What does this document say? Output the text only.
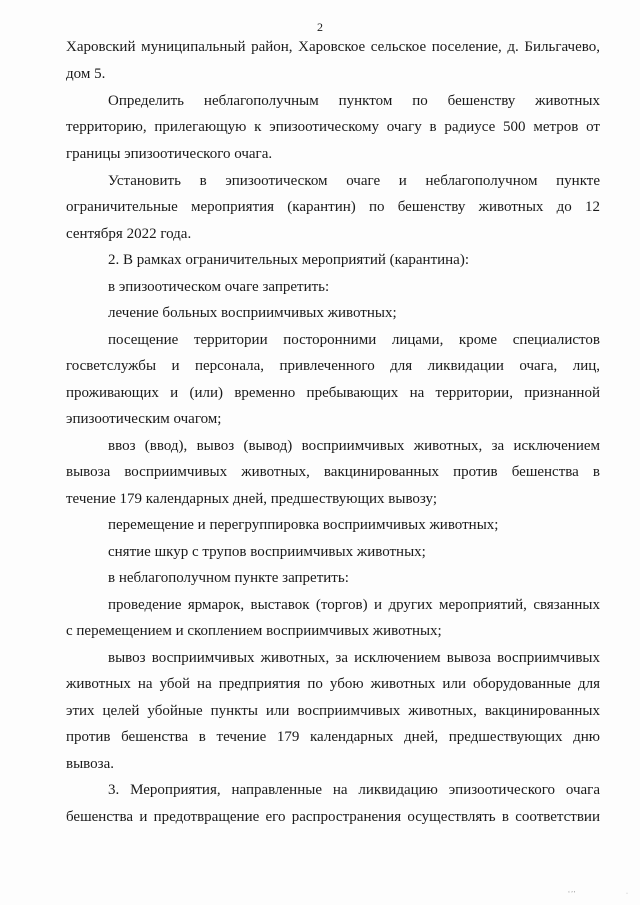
2
Харовский муниципальный район, Харовское сельское поселение, д. Бильгачево,
дом 5.
Определить неблагополучным пунктом по бешенству животных
территорию, прилегающую к эпизоотическому очагу в радиусе 500 метров от
границы эпизоотического очага.
Установить в эпизоотическом очаге и неблагополучном пункте
ограничительные мероприятия (карантин) по бешенству животных до 12
сентября 2022 года.
2. В рамках ограничительных мероприятий (карантина):
в эпизоотическом очаге запретить:
лечение больных восприимчивых животных;
посещение территории посторонними лицами, кроме специалистов
госветслужбы и персонала, привлеченного для ликвидации очага, лиц,
проживающих и (или) временно пребывающих на территории, признанной
эпизоотическим очагом;
ввоз (ввод), вывоз (вывод) восприимчивых животных, за исключением
вывоза восприимчивых животных, вакцинированных против бешенства в
течение 179 календарных дней, предшествующих вывозу;
перемещение и перегруппировка восприимчивых животных;
снятие шкур с трупов восприимчивых животных;
в неблагополучном пункте запретить:
проведение ярмарок, выставок (торгов) и других мероприятий, связанных
с перемещением и скоплением восприимчивых животных;
вывоз восприимчивых животных, за исключением вывоза восприимчивых
животных на убой на предприятия по убою животных или оборудованные для
этих целей убойные пункты или восприимчивых животных, вакцинированных
против бешенства в течение 179 календарных дней, предшествующих дню
вывоза.
3. Мероприятия, направленные на ликвидацию эпизоотического очага
бешенства и предотвращение его распространения осуществлять в соответствии
‘’’	·
